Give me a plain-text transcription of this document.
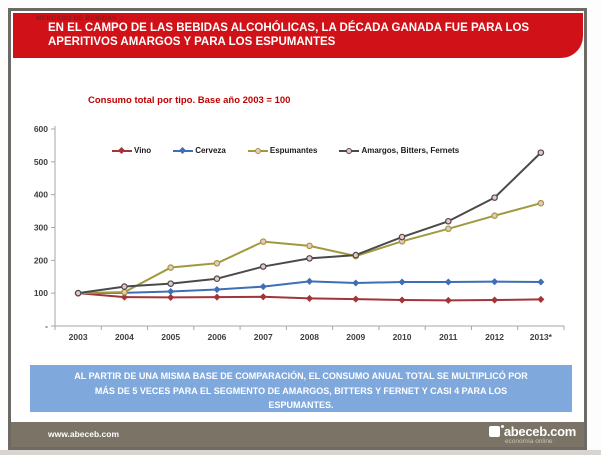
MERCADO DE BEBIDAS ::
EN EL CAMPO DE LAS BEBIDAS ALCOHÓLICAS, LA DÉCADA GANADA FUE PARA LOS APERITIVOS AMARGOS Y PARA LOS ESPUMANTES
Consumo total por tipo. Base año 2003 = 100
-
100
200
300
400
500
600
2003	2004	2005	2006	2007	2008	2009	2010	2011	2012	2013*
Vino	Cerveza	Espumantes	Amargos, Bitters, Fernets
AL PARTIR DE UNA MISMA BASE DE COMPARACIÓN, EL CONSUMO ANUAL TOTAL SE MULTIPLICÓ POR MÁS DE 5 VECES PARA EL SEGMENTO DE AMARGOS, BITTERS Y FERNET Y CASI 4 PARA LOS ESPUMANTES.
www.abeceb.com	abeceb.com
economía online
